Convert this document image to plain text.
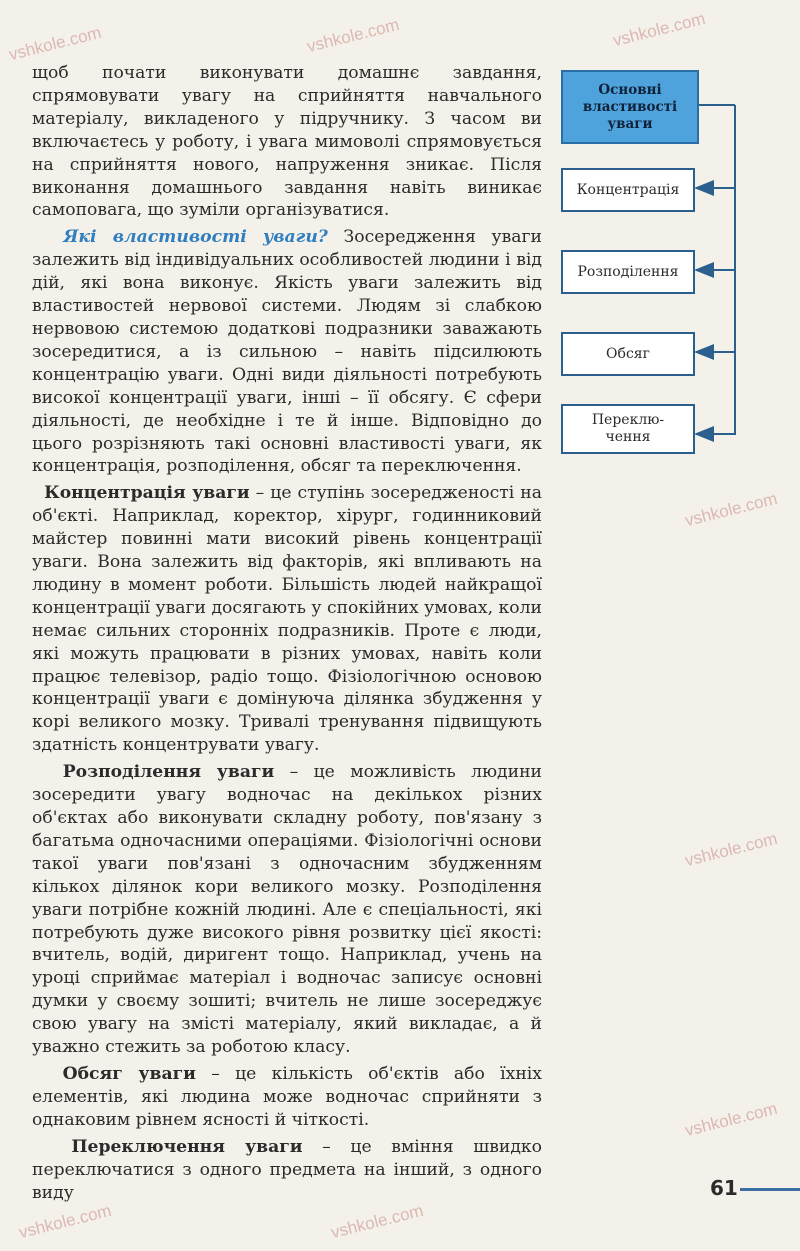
vshkole.com	vshkole.com	vshkole.com
vshkole.com
vshkole.com
vshkole.com
vshkole.com	vshkole.com

щоб почати виконувати домашнє завдання, спрямовувати увагу на сприйняття навчального матеріалу, викладеного у підручнику. З часом ви включаєтесь у роботу, і увага мимоволі спрямовується на сприйняття нового, напруження зникає. Після виконання домашнього завдання навіть виникає самоповага, що зуміли організуватися.

Які властивості уваги? Зосередження уваги залежить від індивідуальних особливостей людини і від дій, які вона виконує. Якість уваги залежить від властивостей нервової системи. Людям зі слабкою нервовою системою додаткові подразники заважають зосередитися, а із сильною – навіть підсилюють концентрацію уваги. Одні види діяльності потребують високої концентрації уваги, інші – її обсягу. Є сфери діяльності, де необхідне і те й інше. Відповідно до цього розрізняють такі основні властивості уваги, як концентрація, розподілення, обсяг та переключення.

Концентрація уваги – це ступінь зосередженості на об'єкті. Наприклад, коректор, хірург, годинниковий майстер повинні мати високий рівень концентрації уваги. Вона залежить від факторів, які впливають на людину в момент роботи. Більшість людей найкращої концентрації уваги досягають у спокійних умовах, коли немає сильних сторонніх подразників. Проте є люди, які можуть працювати в різних умовах, навіть коли працює телевізор, радіо тощо. Фізіологічною основою концентрації уваги є домінуюча ділянка збудження у корі великого мозку. Тривалі тренування підвищують здатність концентрувати увагу.

Розподілення уваги – це можливість людини зосередити увагу водночас на декількох різних об'єктах або виконувати складну роботу, пов'язану з багатьма одночасними операціями. Фізіологічні основи такої уваги пов'язані з одночасним збудженням кількох ділянок кори великого мозку. Розподілення уваги потрібне кожній людині. Але є спеціальності, які потребують дуже високого рівня розвитку цієї якості: вчитель, водій, диригент тощо. Наприклад, учень на уроці сприймає матеріал і водночас записує основні думки у своєму зошиті; вчитель не лише зосереджує свою увагу на змісті матеріалу, який викладає, а й уважно стежить за роботою класу.

Обсяг уваги – це кількість об'єктів або їхніх елементів, які людина може водночас сприйняти з однаковим рівнем ясності й чіткості.

Переключення уваги – це вміння швидко переключатися з одного предмета на інший, з одного виду

Основні властивості уваги
Концентрація
Розподілення
Обсяг
Переклю-чення
61
